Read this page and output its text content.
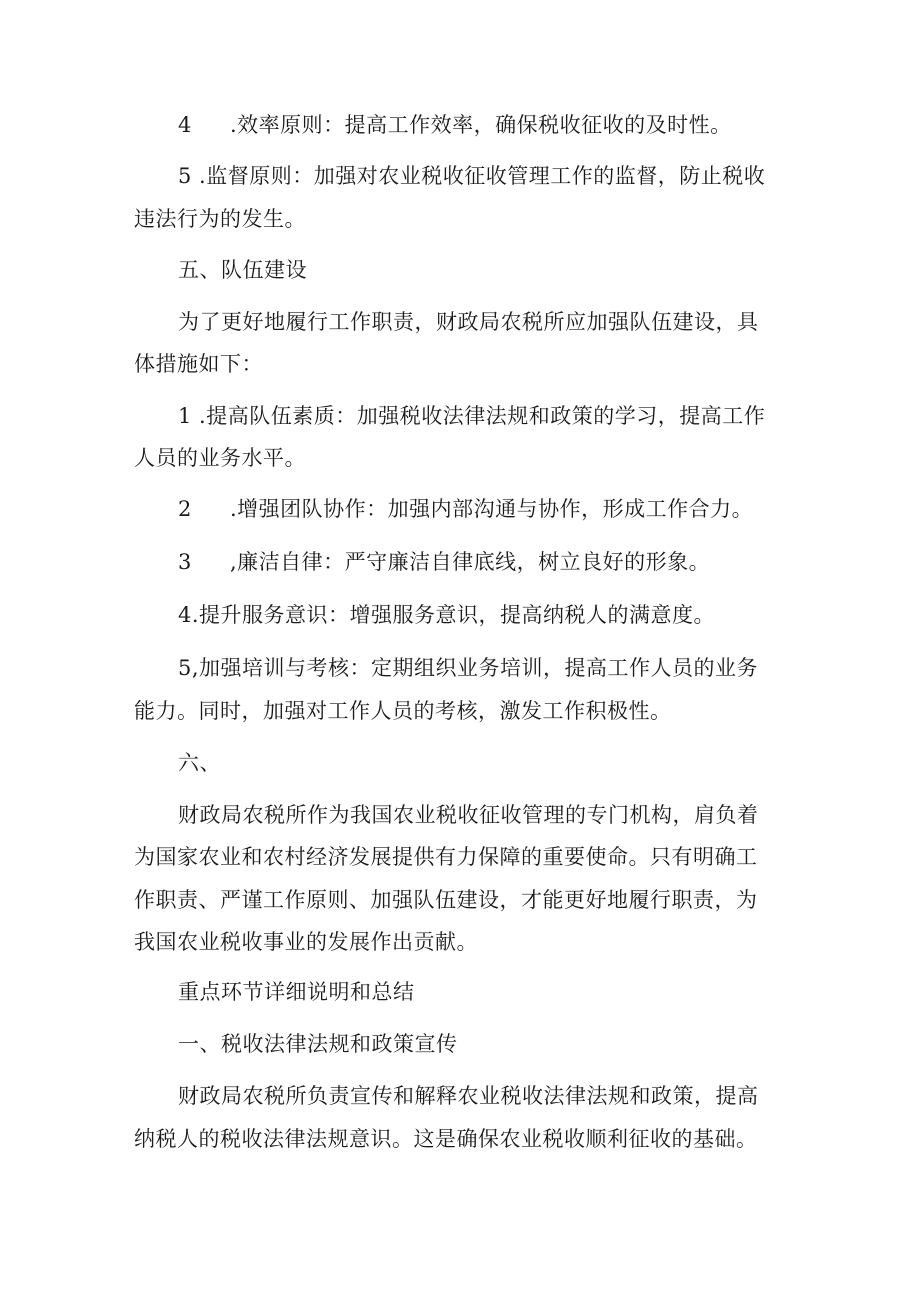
4 .效率原则：提高工作效率，确保税收征收的及时性。
5 .监督原则：加强对农业税收征收管理工作的监督，防止税收
违法行为的发生。
五、队伍建设
为了更好地履行工作职责，财政局农税所应加强队伍建设，具
体措施如下：
1 .提高队伍素质：加强税收法律法规和政策的学习，提高工作
人员的业务水平。
2 .增强团队协作：加强内部沟通与协作，形成工作合力。
3 ,廉洁自律：严守廉洁自律底线，树立良好的形象。
4.提升服务意识：增强服务意识，提高纳税人的满意度。
5,加强培训与考核：定期组织业务培训，提高工作人员的业务
能力。同时，加强对工作人员的考核，激发工作积极性。
六、
财政局农税所作为我国农业税收征收管理的专门机构，肩负着
为国家农业和农村经济发展提供有力保障的重要使命。只有明确工
作职责、严谨工作原则、加强队伍建设，才能更好地履行职责，为
我国农业税收事业的发展作出贡献。
重点环节详细说明和总结
一、税收法律法规和政策宣传
财政局农税所负责宣传和解释农业税收法律法规和政策，提高
纳税人的税收法律法规意识。这是确保农业税收顺利征收的基础。
